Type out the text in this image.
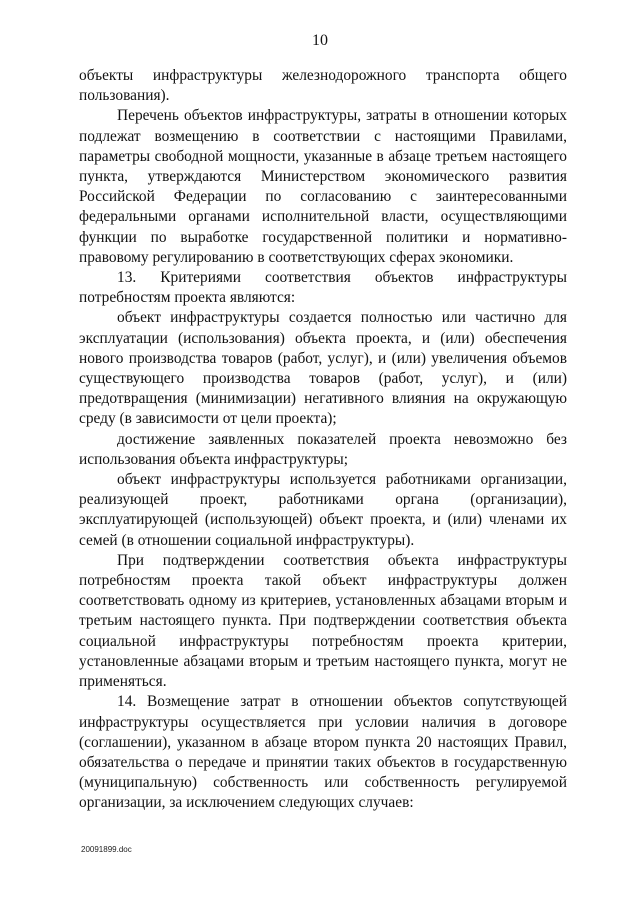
10

объекты инфраструктуры железнодорожного транспорта общего пользования).

Перечень объектов инфраструктуры, затраты в отношении которых подлежат возмещению в соответствии с настоящими Правилами, параметры свободной мощности, указанные в абзаце третьем настоящего пункта, утверждаются Министерством экономического развития Российской Федерации по согласованию с заинтересованными федеральными органами исполнительной власти, осуществляющими функции по выработке государственной политики и нормативно-правовому регулированию в соответствующих сферах экономики.

13. Критериями соответствия объектов инфраструктуры потребностям проекта являются:

объект инфраструктуры создается полностью или частично для эксплуатации (использования) объекта проекта, и (или) обеспечения нового производства товаров (работ, услуг), и (или) увеличения объемов существующего производства товаров (работ, услуг), и (или) предотвращения (минимизации) негативного влияния на окружающую среду (в зависимости от цели проекта);

достижение заявленных показателей проекта невозможно без использования объекта инфраструктуры;

объект инфраструктуры используется работниками организации, реализующей проект, работниками органа (организации), эксплуатирующей (использующей) объект проекта, и (или) членами их семей (в отношении социальной инфраструктуры).

При подтверждении соответствия объекта инфраструктуры потребностям проекта такой объект инфраструктуры должен соответствовать одному из критериев, установленных абзацами вторым и третьим настоящего пункта. При подтверждении соответствия объекта социальной инфраструктуры потребностям проекта критерии, установленные абзацами вторым и третьим настоящего пункта, могут не применяться.

14. Возмещение затрат в отношении объектов сопутствующей инфраструктуры осуществляется при условии наличия в договоре (соглашении), указанном в абзаце втором пункта 20 настоящих Правил, обязательства о передаче и принятии таких объектов в государственную (муниципальную) собственность или собственность регулируемой организации, за исключением следующих случаев:

20091899.doc
